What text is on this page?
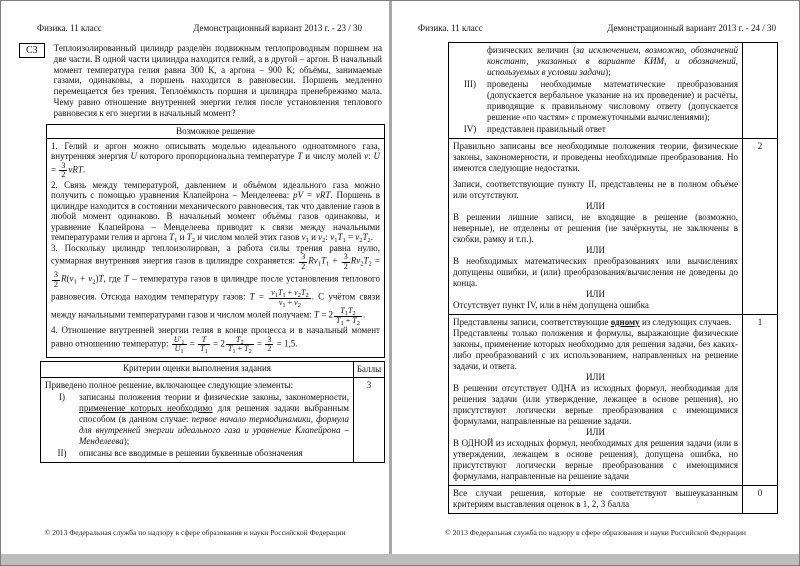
Физика. 11 класс	Демонстрационный вариант 2013 г. - 23 / 30
С3	Теплоизолированный цилиндр разделён подвижным теплопроводным поршнем на две части. В одной части цилиндра находится гелий, а в другой – аргон. В начальный момент температура гелия равна 300 К, а аргона – 900 К; объёмы, занимаемые газами, одинаковы, а поршень находится в равновесии. Поршень медленно перемещается без трения. Теплоёмкость поршня и цилиндра пренебрежимо мала. Чему равно отношение внутренней энергии гелия после установления теплового равновесия к его энергии в начальный момент?
Возможное решение

1. Гелий и аргон можно описывать моделью идеального одноатомного газа, внутренняя энергия U которого пропорциональна температуре T и числу молей ν: $U = \frac{3}{2} \nu RT$.
2. Связь между температурой, давлением и объёмом идеального газа можно получить с помощью уравнения Клапейрона – Менделеева: pV = νRT. Поршень в цилиндре находится в состоянии механического равновесия, так что давление газов в любой момент одинаково. В начальный момент объёмы газов одинаковы, и уравнение Клапейрона – Менделеева приводит к связи между начальными температурами гелия и аргона $T_1$ и $T_2$ и числом молей этих газов $\nu_1$ и $\nu_2$: $\nu_1T_1 = \nu_2T_2$.
3. Поскольку цилиндр теплоизолирован, а работа силы трения равна нулю, суммарная внутренняя энергия газов в цилиндре сохраняется: $\frac{3}{2} R\nu_1T_1 + \frac{3}{2} R\nu_2T_2$ =
$\frac{3}{2} R(\nu_1 + \nu_2)T$, где T – температура газов в цилиндре после установления теплового равновесия. Отсюда находим температуру газов: $T = \frac{\nu_1T_1 + \nu_2T_2}{\nu_1 + \nu_2}$ . С учётом связи между начальными температурами газов и числом молей получаем: $T = 2 \frac{T_1T_2}{T_1 + T_2}$ .
4. Отношение внутренней энергии гелия в конце процесса и в начальный момент равно отношению температур: $\frac{U'_1}{U_1} = \frac{T}{T_1} = 2 \frac{T_2}{T_1 + T_2} = \frac{3}{2} = 1,5$.
Критерии оценки выполнения задания	Баллы

Приведено полное решение, включающее следующие элементы:
I) записаны положения теории и физические законы, закономерности, применение которых необходимо для решения задачи выбранным способом (в данном случае: первое начало термодинамики, формула для внутренней энергии идеального газа и уравнение Клапейрона – Менделеева);
II) описаны все вводимые в решении буквенные обозначения	3
© 2013 Федеральная служба по надзору в сфере образования и науки Российской Федерации
Физика. 11 класс	Демонстрационный вариант 2013 г. - 24 / 30
физических величин (за исключением, возможно, обозначений констант, указанных в варианте КИМ, и обозначений, используемых в условии задачи);
III) проведены необходимые математические преобразования (допускается вербальное указание на их проведение) и расчёты, приводящие к правильному числовому ответу (допускается решение «по частям» с промежуточными вычислениями);
IV) представлен правильный ответ	

Правильно записаны все необходимые положения теории, физические законы, закономерности, и проведены необходимые преобразования. Но имеются следующие недостатки.
Записи, соответствующие пункту II, представлены не в полном объёме или отсутствуют.
ИЛИ
В решении лишние записи, не входящие в решение (возможно, неверные), не отделены от решения (не зачёркнуты, не заключены в скобки, рамку и т.п.).
ИЛИ
В необходимых математических преобразованиях или вычислениях допущены ошибки, и (или) преобразования/вычисления не доведены до конца.
ИЛИ
Отсутствует пункт IV, или в нём допущена ошибка
	2

Представлены записи, соответствующие одному из следующих случаев.
Представлены только положения и формулы, выражающие физические законы, применение которых необходимо для решения задачи, без каких-либо преобразований с их использованием, направленных на решение задачи, и ответа.
ИЛИ
В решении отсутствует ОДНА из исходных формул, необходимая для решения задачи (или утверждение, лежащее в основе решения), но присутствуют логически верные преобразования с имеющимися формулами, направленные на решение задачи.
ИЛИ
В ОДНОЙ из исходных формул, необходимых для решения задачи (или в утверждении, лежащем в основе решения), допущена ошибка, но присутствуют логически верные преобразования с имеющимися формулами, направленные на решение задачи
	1

Все случаи решения, которые не соответствуют вышеуказанным критериям выставления оценок в 1, 2, 3 балла	0
© 2013 Федеральная служба по надзору в сфере образования и науки Российской Федерации
